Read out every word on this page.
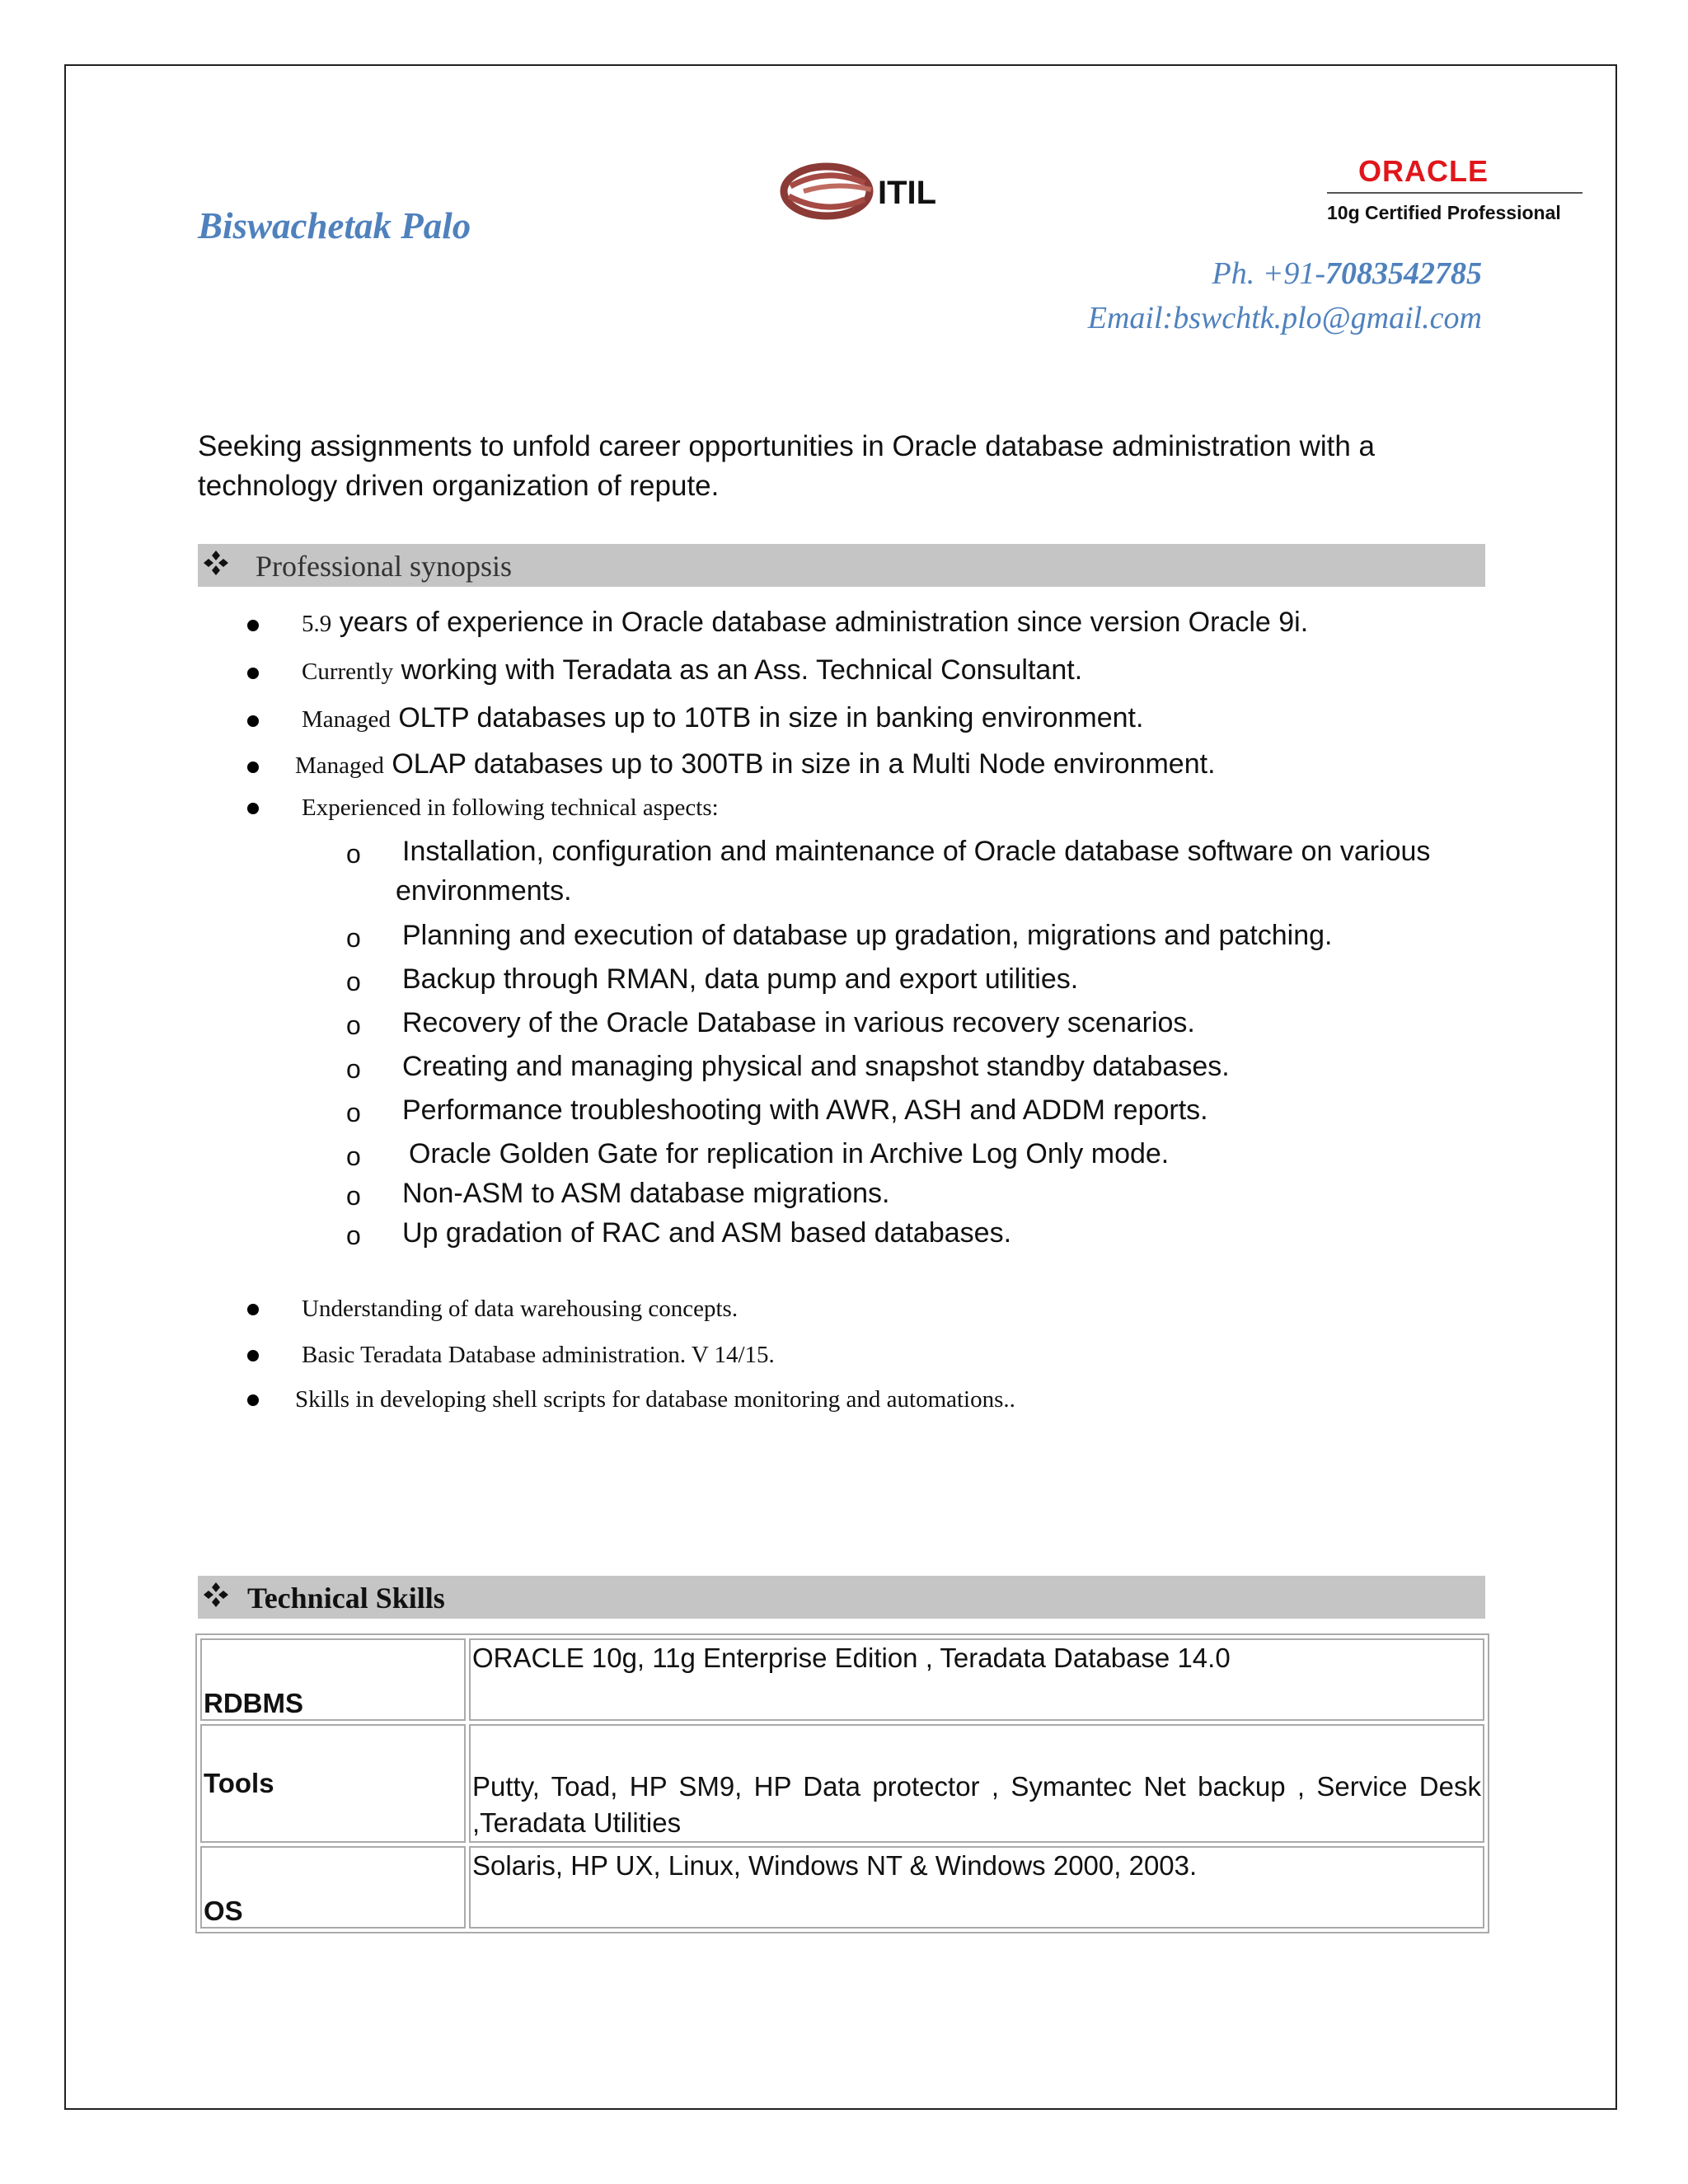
Biswachetak Palo
ITIL
ORACLE
10g Certified Professional
Ph. +91-7083542785
Email:bswchtk.plo@gmail.com
Seeking assignments to unfold career opportunities in Oracle database administration with a technology driven organization of repute.
Professional synopsis
5.9 years of experience in Oracle database administration since version Oracle 9i.
Currently working with Teradata as an Ass. Technical Consultant.
Managed OLTP databases up to 10TB in size in banking environment.
Managed OLAP databases up to 300TB in size in a Multi Node environment.
Experienced in following technical aspects:
o Installation, configuration and maintenance of Oracle database software on various
environments.
o Planning and execution of database up gradation, migrations and patching.
o Backup through RMAN, data pump and export utilities.
o Recovery of the Oracle Database in various recovery scenarios.
o Creating and managing physical and snapshot standby databases.
o Performance troubleshooting with AWR, ASH and ADDM reports.
o Oracle Golden Gate for replication in Archive Log Only mode.
o Non-ASM to ASM database migrations.
o Up gradation of RAC and ASM based databases.
Understanding of data warehousing concepts.
Basic Teradata Database administration. V 14/15.
Skills in developing shell scripts for database monitoring and automations..
Technical Skills
RDBMS	ORACLE 10g, 11g Enterprise Edition , Teradata Database 14.0
Tools	Putty, Toad, HP SM9, HP Data protector , Symantec Net backup , Service Desk ,Teradata Utilities
OS	Solaris, HP UX, Linux, Windows NT & Windows 2000, 2003.
